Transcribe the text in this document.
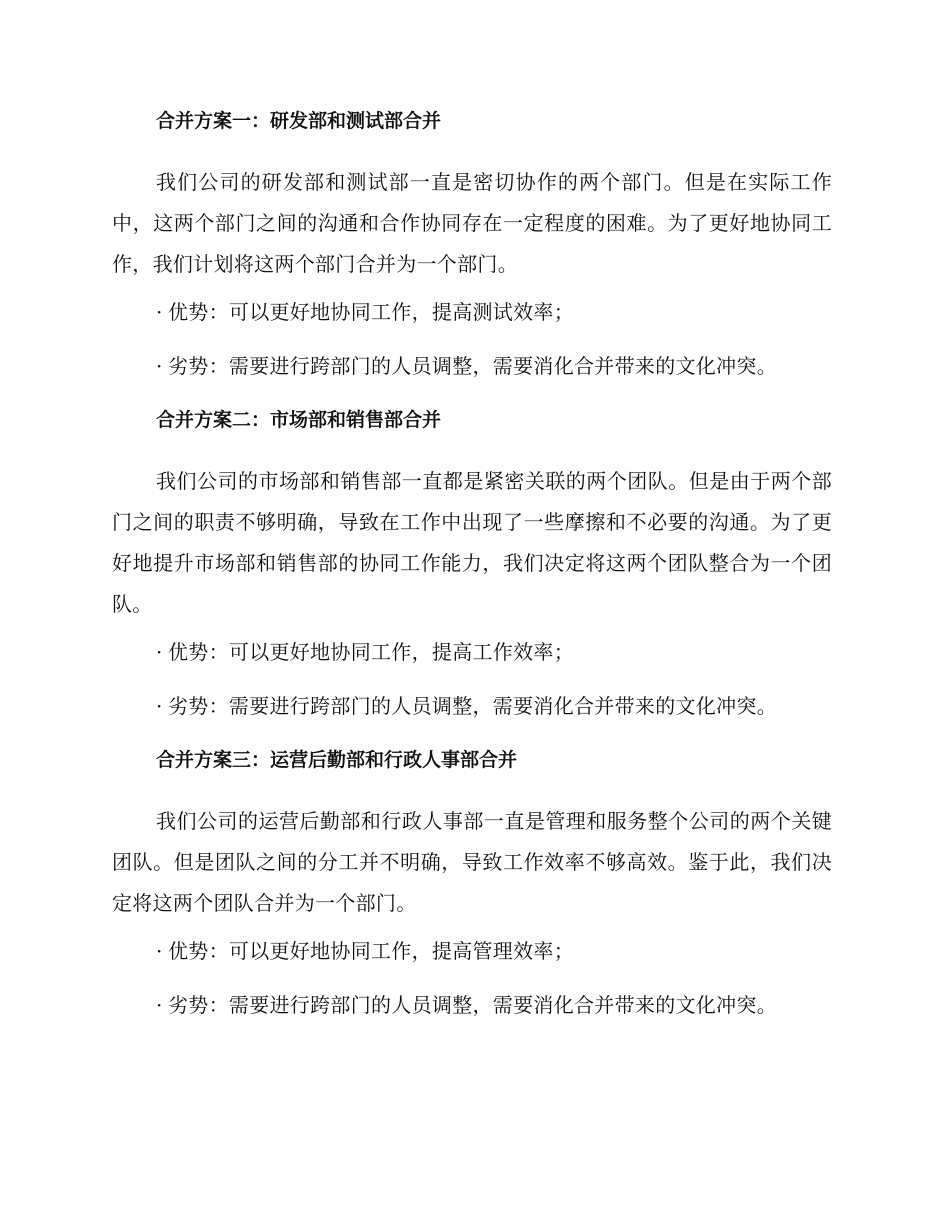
合并方案一：研发部和测试部合并

我们公司的研发部和测试部一直是密切协作的两个部门。但是在实际工作中，这两个部门之间的沟通和合作协同存在一定程度的困难。为了更好地协同工作，我们计划将这两个部门合并为一个部门。

· 优势：可以更好地协同工作，提高测试效率；
· 劣势：需要进行跨部门的人员调整，需要消化合并带来的文化冲突。
合并方案二：市场部和销售部合并

我们公司的市场部和销售部一直都是紧密关联的两个团队。但是由于两个部门之间的职责不够明确，导致在工作中出现了一些摩擦和不必要的沟通。为了更好地提升市场部和销售部的协同工作能力，我们决定将这两个团队整合为一个团队。

· 优势：可以更好地协同工作，提高工作效率；
· 劣势：需要进行跨部门的人员调整，需要消化合并带来的文化冲突。
合并方案三：运营后勤部和行政人事部合并

我们公司的运营后勤部和行政人事部一直是管理和服务整个公司的两个关键团队。但是团队之间的分工并不明确，导致工作效率不够高效。鉴于此，我们决定将这两个团队合并为一个部门。

· 优势：可以更好地协同工作，提高管理效率；
· 劣势：需要进行跨部门的人员调整，需要消化合并带来的文化冲突。
